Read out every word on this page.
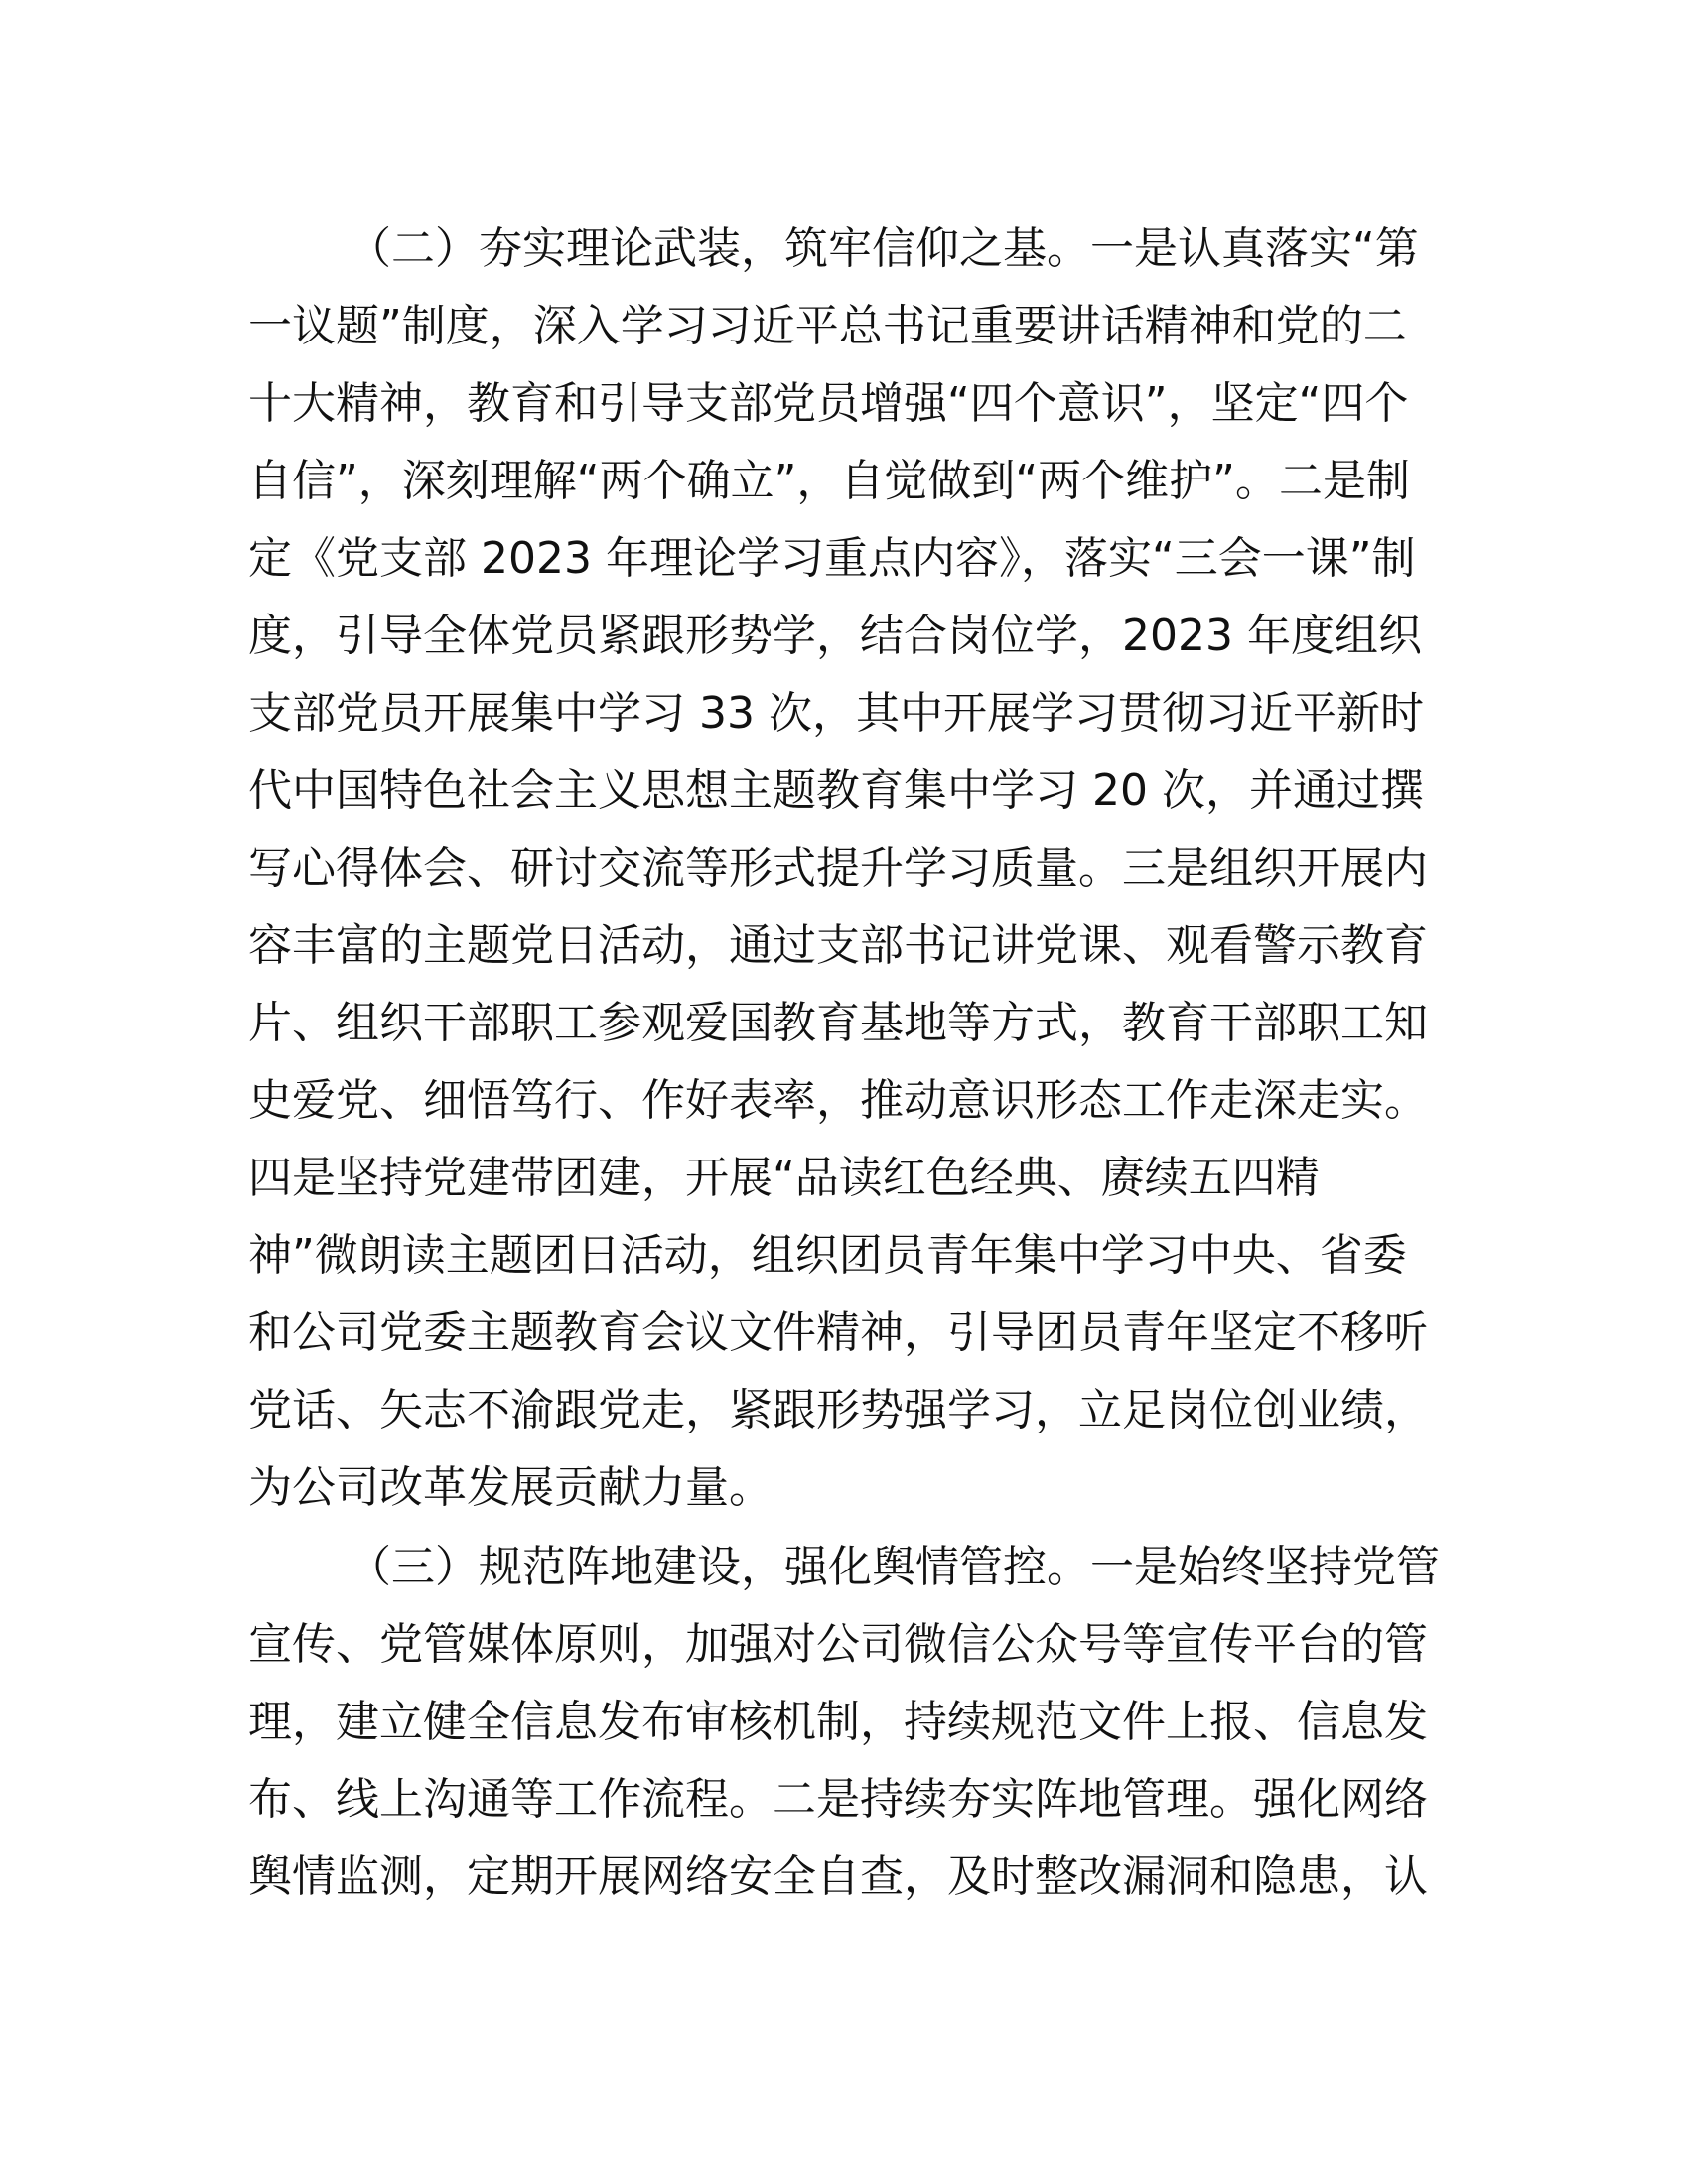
（二）夯实理论武装，筑牢信仰之基。一是认真落实“第
一议题”制度，深入学习习近平总书记重要讲话精神和党的二
十大精神，教育和引导支部党员增强“四个意识”，坚定“四个
自信”，深刻理解“两个确立”，自觉做到“两个维护”。二是制
定《党支部 2023 年理论学习重点内容》，落实“三会一课”制
度，引导全体党员紧跟形势学，结合岗位学，2023 年度组织
支部党员开展集中学习 33 次，其中开展学习贯彻习近平新时
代中国特色社会主义思想主题教育集中学习 20 次，并通过撰
写心得体会、研讨交流等形式提升学习质量。三是组织开展内
容丰富的主题党日活动，通过支部书记讲党课、观看警示教育
片、组织干部职工参观爱国教育基地等方式，教育干部职工知
史爱党、细悟笃行、作好表率，推动意识形态工作走深走实。
四是坚持党建带团建，开展“品读红色经典、赓续五四精
神”微朗读主题团日活动，组织团员青年集中学习中央、省委
和公司党委主题教育会议文件精神，引导团员青年坚定不移听
党话、矢志不渝跟党走，紧跟形势强学习，立足岗位创业绩，
为公司改革发展贡献力量。
（三）规范阵地建设，强化舆情管控。一是始终坚持党管
宣传、党管媒体原则，加强对公司微信公众号等宣传平台的管
理，建立健全信息发布审核机制，持续规范文件上报、信息发
布、线上沟通等工作流程。二是持续夯实阵地管理。强化网络
舆情监测，定期开展网络安全自查，及时整改漏洞和隐患，认
